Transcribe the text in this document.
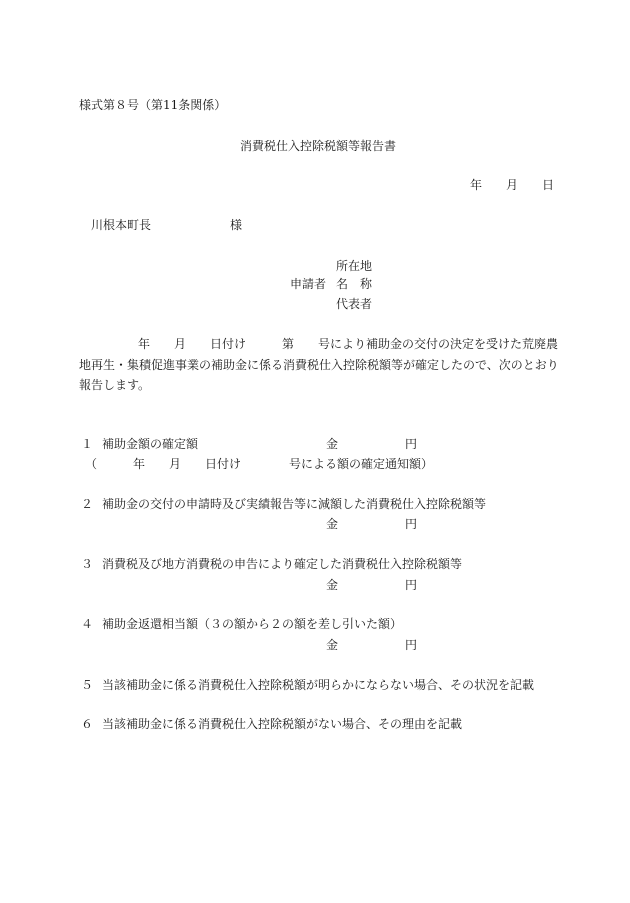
様式第８号（第11条関係）
消費税仕入控除税額等報告書
年　　月　　日
川根本町長	様
所在地
申請者 名　称
代表者
年　　月　　日付け　　　第　　号により補助金の交付の決定を受けた荒廃農
地再生・集積促進事業の補助金に係る消費税仕入控除税額等が確定したので、次のとおり
報告します。
１ 補助金額の確定額	金	円
（　　　年　　月　　日付け　　　　号による額の確定通知額）
２ 補助金の交付の申請時及び実績報告等に減額した消費税仕入控除税額等
金	円
３ 消費税及び地方消費税の申告により確定した消費税仕入控除税額等
金	円
４ 補助金返還相当額（３の額から２の額を差し引いた額）
金	円
５ 当該補助金に係る消費税仕入控除税額が明らかにならない場合、その状況を記載
６ 当該補助金に係る消費税仕入控除税額がない場合、その理由を記載
